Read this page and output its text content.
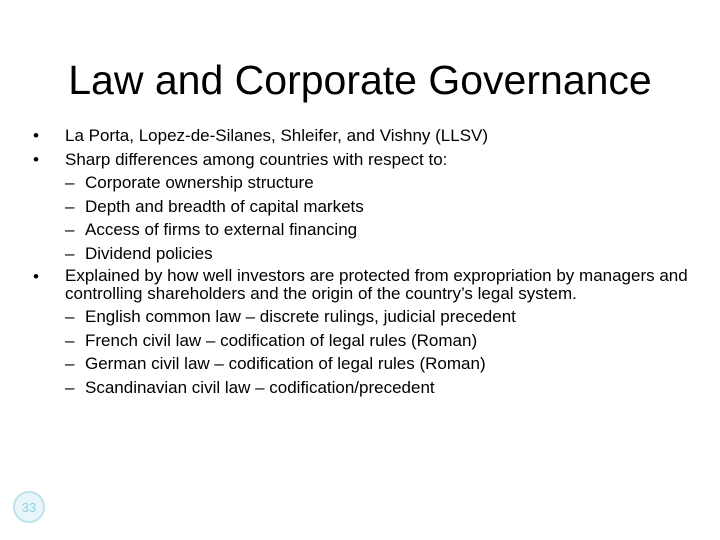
Law and Corporate Governance
•	La Porta, Lopez-de-Silanes, Shleifer, and Vishny (LLSV)
•	Sharp differences among countries with respect to:
– Corporate ownership structure
– Depth and breadth of capital markets
– Access of firms to external financing
– Dividend policies
•	Explained by how well investors are protected from expropriation by managers and controlling shareholders and the origin of the country’s legal system.
– English common law – discrete rulings, judicial precedent
– French civil law – codification of legal rules (Roman)
– German civil law – codification of legal rules (Roman)
– Scandinavian civil law – codification/precedent
33
